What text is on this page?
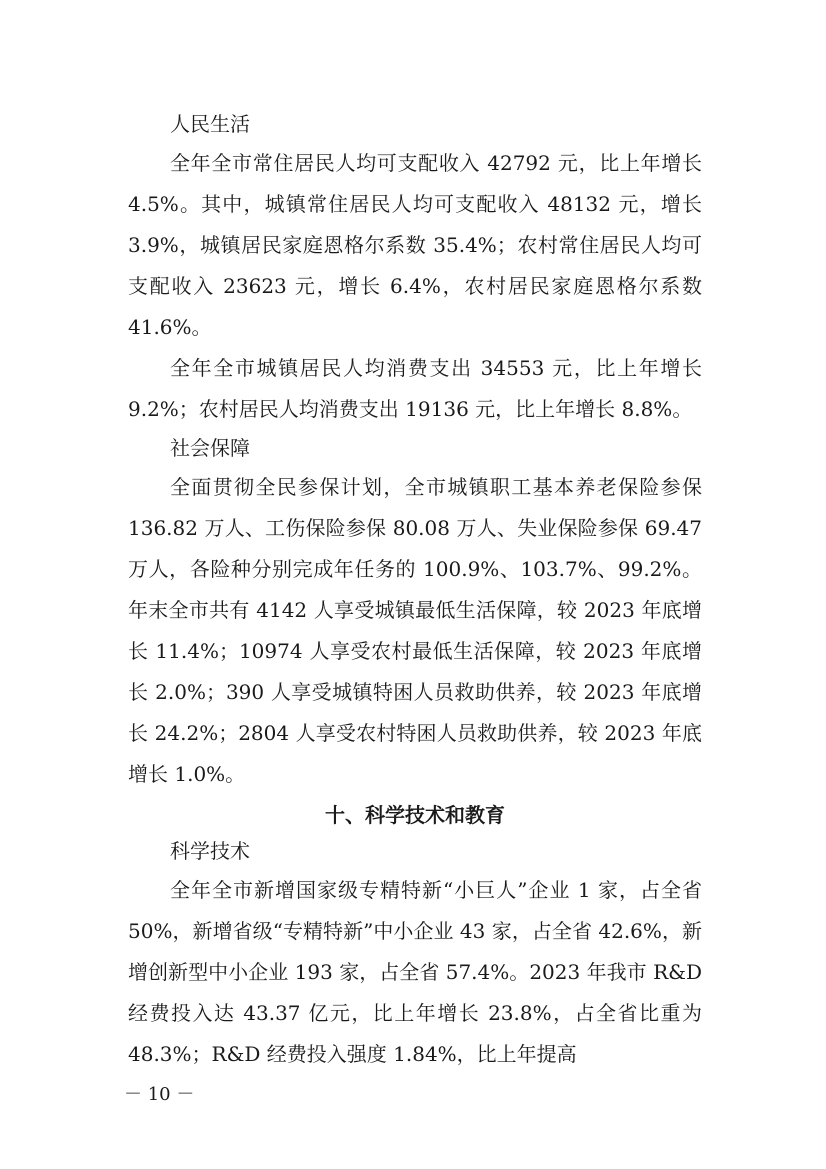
人民生活

全年全市常住居民人均可支配收入 42792 元，比上年增长 4.5%。其中，城镇常住居民人均可支配收入 48132 元，增长 3.9%，城镇居民家庭恩格尔系数 35.4%；农村常住居民人均可支配收入 23623 元，增长 6.4%，农村居民家庭恩格尔系数 41.6%。

全年全市城镇居民人均消费支出 34553 元，比上年增长 9.2%；农村居民人均消费支出 19136 元，比上年增长 8.8%。

社会保障

全面贯彻全民参保计划，全市城镇职工基本养老保险参保 136.82 万人、工伤保险参保 80.08 万人、失业保险参保 69.47 万人，各险种分别完成年任务的 100.9%、103.7%、99.2%。年末全市共有 4142 人享受城镇最低生活保障，较 2023 年底增长 11.4%；10974 人享受农村最低生活保障，较 2023 年底增长 2.0%；390 人享受城镇特困人员救助供养，较 2023 年底增长 24.2%；2804 人享受农村特困人员救助供养，较 2023 年底增长 1.0%。

十、科学技术和教育
科学技术

全年全市新增国家级专精特新“小巨人”企业 1 家，占全省 50%，新增省级“专精特新”中小企业 43 家，占全省 42.6%，新增创新型中小企业 193 家，占全省 57.4%。2023 年我市 R&D 经费投入达 43.37 亿元，比上年增长 23.8%，占全省比重为 48.3%；R&D 经费投入强度 1.84%，比上年提高

－ 10 －
